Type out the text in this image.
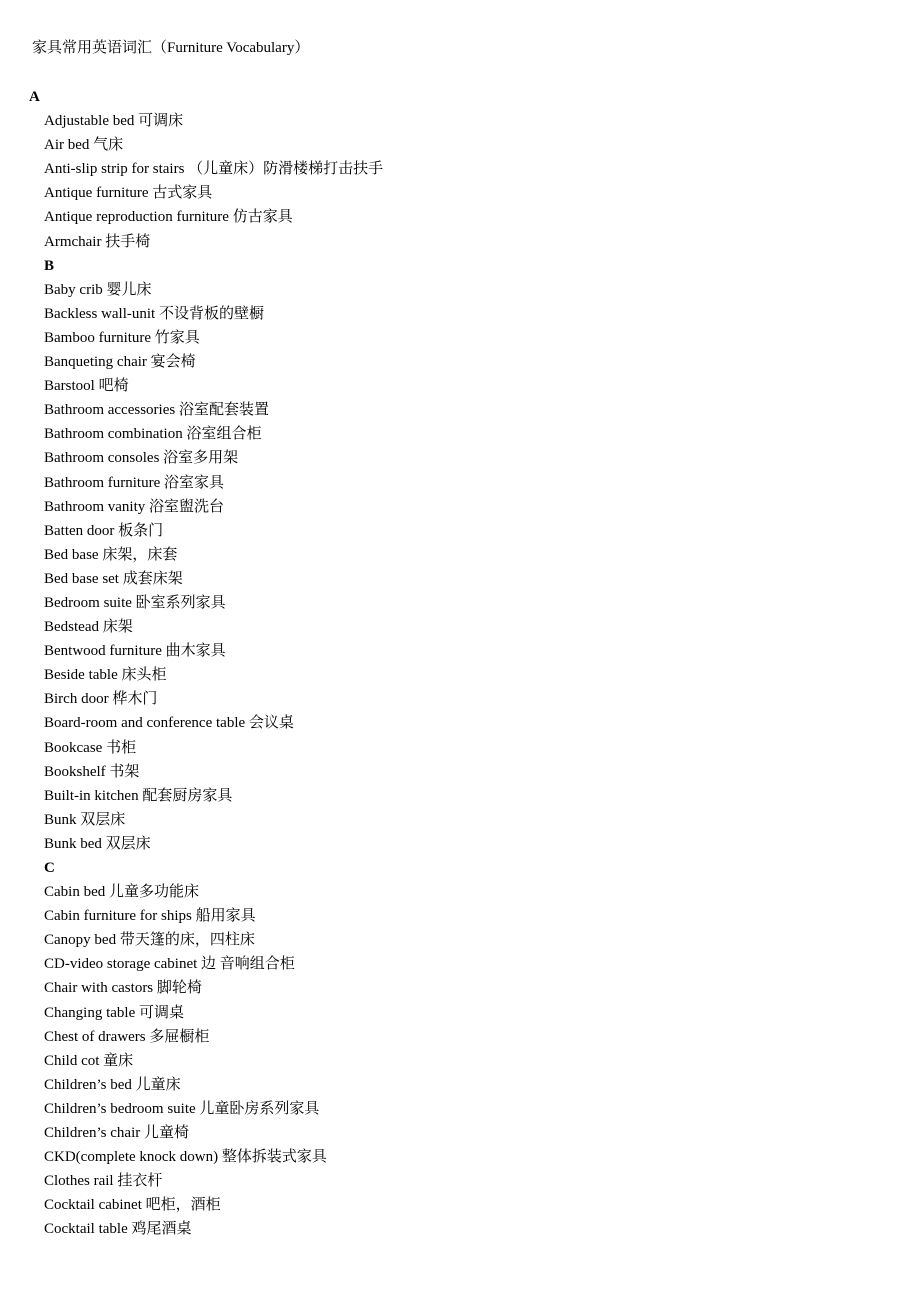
家具常用英语词汇（Furniture Vocabulary）
A
Adjustable bed 可调床
Air bed 气床
Anti-slip strip for stairs （儿童床）防滑楼梯打击扶手
Antique furniture 古式家具
Antique reproduction furniture 仿古家具
Armchair 扶手椅
B
Baby crib 婴儿床
Backless wall-unit 不设背板的壁橱
Bamboo furniture 竹家具
Banqueting chair 宴会椅
Barstool 吧椅
Bathroom accessories 浴室配套装置
Bathroom combination 浴室组合柜
Bathroom consoles 浴室多用架
Bathroom furniture 浴室家具
Bathroom vanity 浴室盥洗台
Batten door 板条门
Bed base 床架，床套
Bed base set 成套床架
Bedroom suite 卧室系列家具
Bedstead 床架
Bentwood furniture 曲木家具
Beside table 床头柜
Birch door 桦木门
Board-room and conference table 会议桌
Bookcase 书柜
Bookshelf 书架
Built-in kitchen 配套厨房家具
Bunk 双层床
Bunk bed 双层床
C
Cabin bed 儿童多功能床
Cabin furniture for ships 船用家具
Canopy bed 带天篷的床，四柱床
CD-video storage cabinet 边 音响组合柜
Chair with castors 脚轮椅
Changing table 可调桌
Chest of drawers 多屉橱柜
Child cot 童床
Children’s bed 儿童床
Children’s bedroom suite 儿童卧房系列家具
Children’s chair 儿童椅
CKD(complete knock down) 整体拆装式家具
Clothes rail 挂衣杆
Cocktail cabinet 吧柜，酒柜
Cocktail table 鸡尾酒桌
